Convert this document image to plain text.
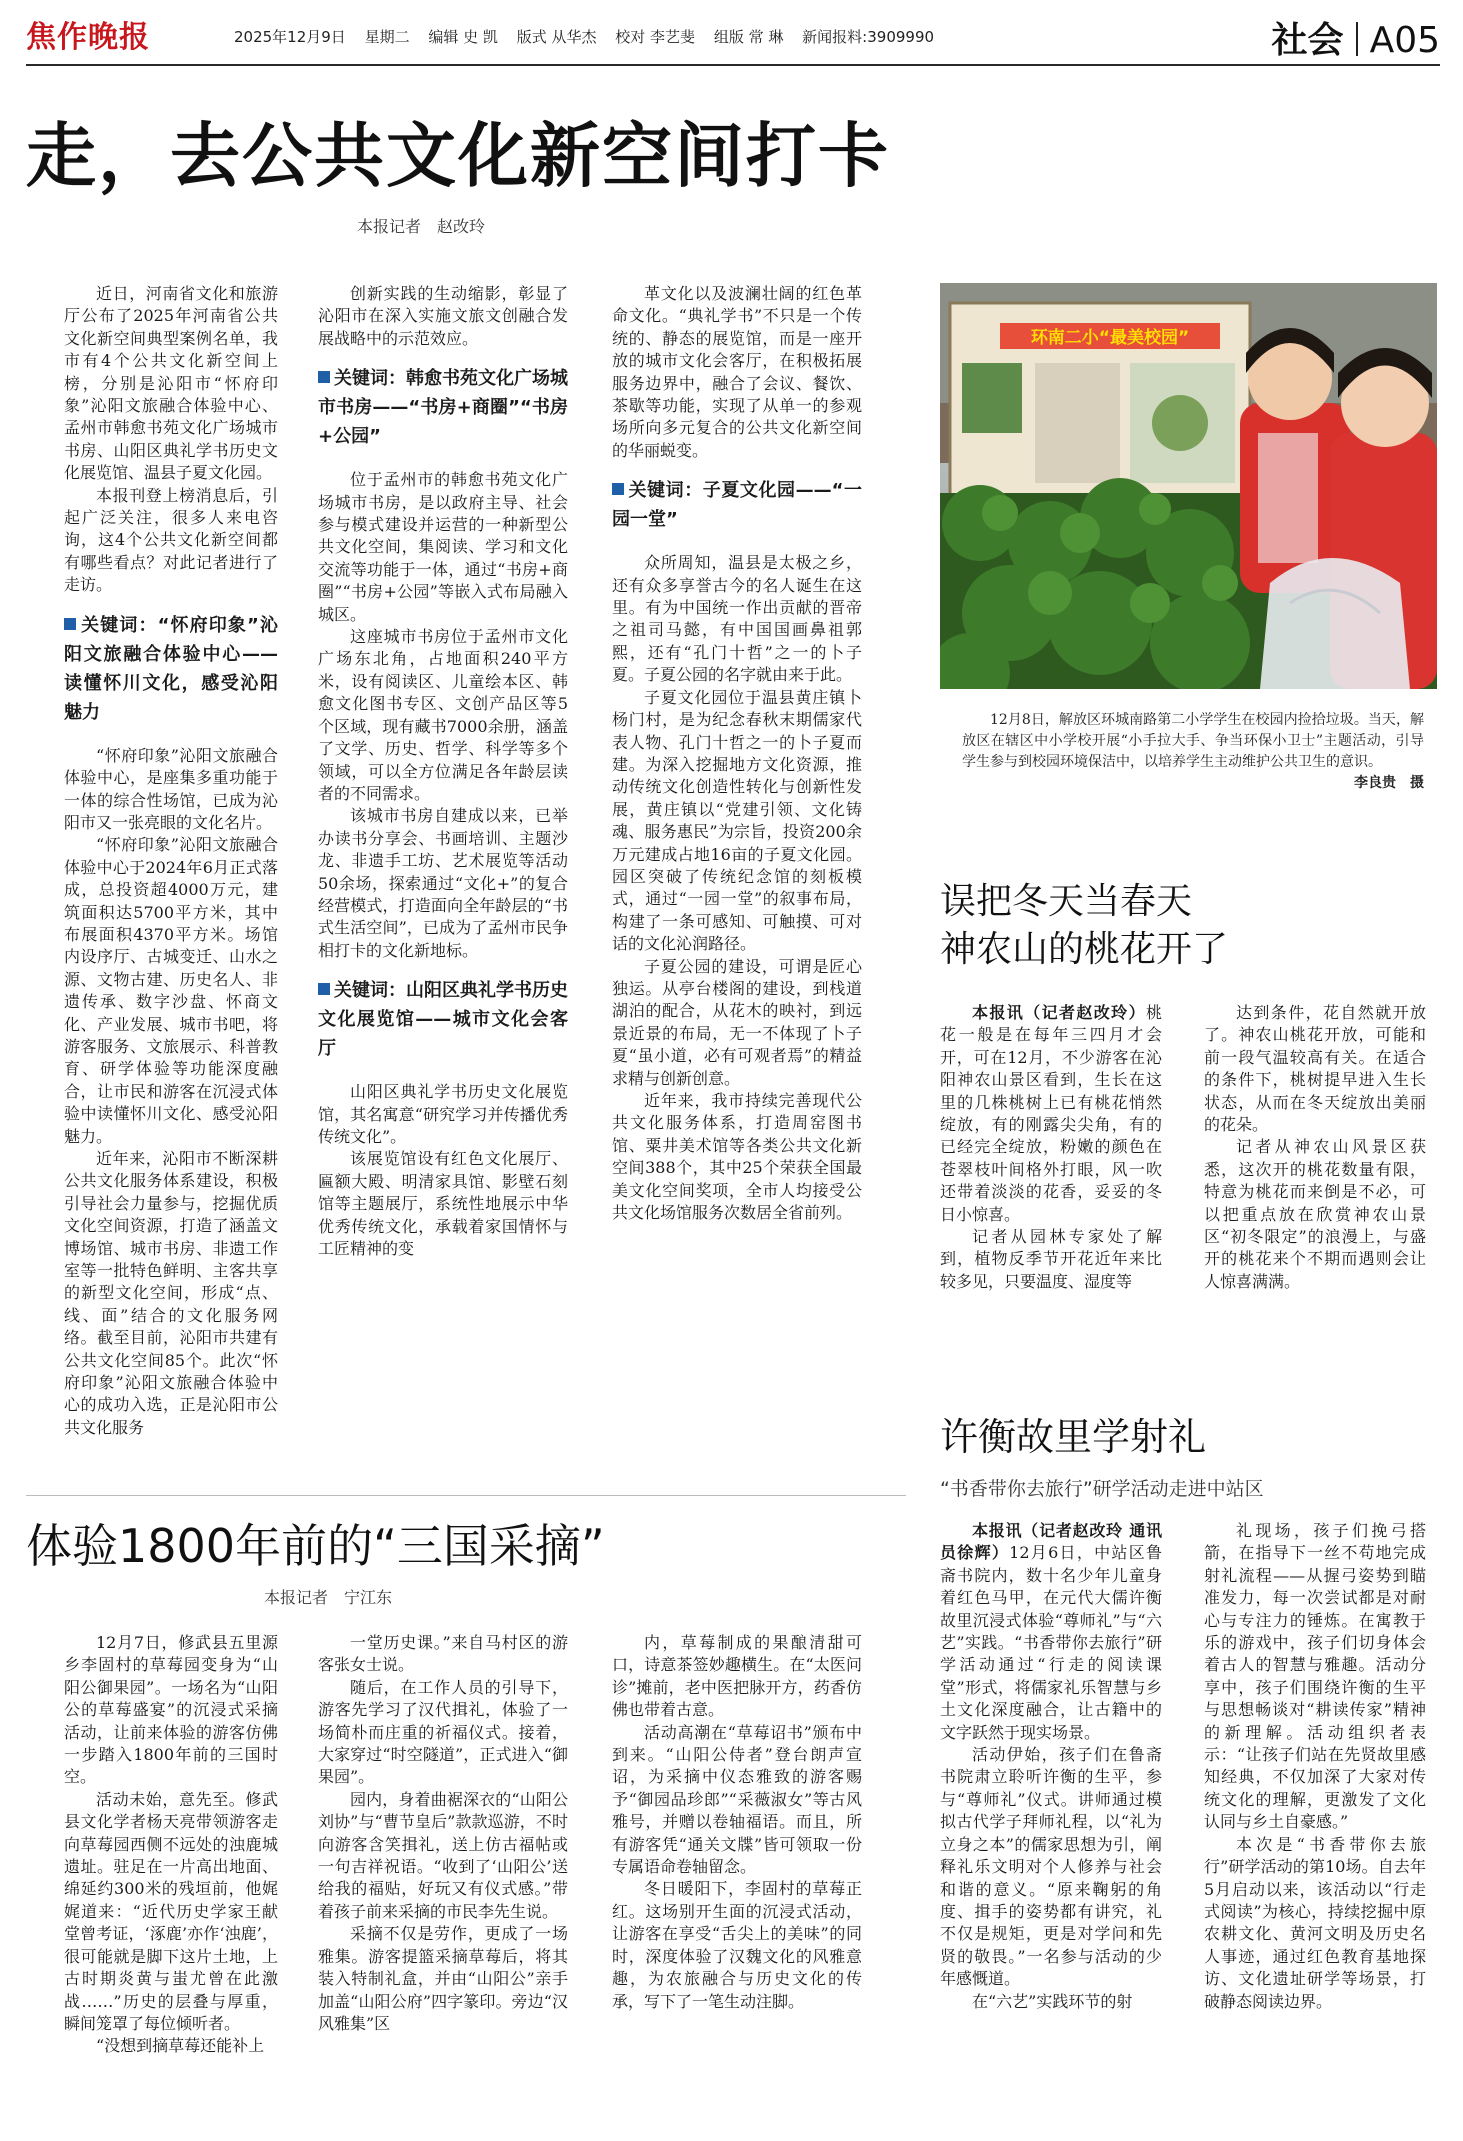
焦作晚报	2025年12月9日 星期二 编辑 史 凯 版式 从华杰 校对 李艺斐 组版 常 琳 新闻报料:3909990	社会 A05
走，去公共文化新空间打卡
本报记者　赵改玲

近日，河南省文化和旅游厅公布了2025年河南省公共文化新空间典型案例名单，我市有4个公共文化新空间上榜，分别是沁阳市“怀府印象”沁阳文旅融合体验中心、孟州市韩愈书苑文化广场城市书房、山阳区典礼学书历史文化展览馆、温县子夏文化园。

本报刊登上榜消息后，引起广泛关注，很多人来电咨询，这4个公共文化新空间都有哪些看点？对此记者进行了走访。

关键词：“怀府印象”沁阳文旅融合体验中心——读懂怀川文化，感受沁阳魅力

“怀府印象”沁阳文旅融合体验中心，是座集多重功能于一体的综合性场馆，已成为沁阳市又一张亮眼的文化名片。

“怀府印象”沁阳文旅融合体验中心于2024年6月正式落成，总投资超4000万元，建筑面积达5700平方米，其中布展面积4370平方米。场馆内设序厅、古城变迁、山水之源、文物古建、历史名人、非遗传承、数字沙盘、怀商文化、产业发展、城市书吧，将游客服务、文旅展示、科普教育、研学体验等功能深度融合，让市民和游客在沉浸式体验中读懂怀川文化、感受沁阳魅力。

近年来，沁阳市不断深耕公共文化服务体系建设，积极引导社会力量参与，挖掘优质文化空间资源，打造了涵盖文博场馆、城市书房、非遗工作室等一批特色鲜明、主客共享的新型文化空间，形成“点、线、面”结合的文化服务网络。截至目前，沁阳市共建有公共文化空间85个。此次“怀府印象”沁阳文旅融合体验中心的成功入选，正是沁阳市公共文化服务

创新实践的生动缩影，彰显了沁阳市在深入实施文旅文创融合发展战略中的示范效应。

关键词：韩愈书苑文化广场城市书房——“书房+商圈”“书房+公园”

位于孟州市的韩愈书苑文化广场城市书房，是以政府主导、社会参与模式建设并运营的一种新型公共文化空间，集阅读、学习和文化交流等功能于一体，通过“书房+商圈”“书房+公园”等嵌入式布局融入城区。

这座城市书房位于孟州市文化广场东北角，占地面积240平方米，设有阅读区、儿童绘本区、韩愈文化图书专区、文创产品区等5个区域，现有藏书7000余册，涵盖了文学、历史、哲学、科学等多个领域，可以全方位满足各年龄层读者的不同需求。

该城市书房自建成以来，已举办读书分享会、书画培训、主题沙龙、非遗手工坊、艺术展览等活动50余场，探索通过“文化+”的复合经营模式，打造面向全年龄层的“书式生活空间”，已成为了孟州市民争相打卡的文化新地标。

关键词：山阳区典礼学书历史文化展览馆——城市文化会客厅

山阳区典礼学书历史文化展览馆，其名寓意“研究学习并传播优秀传统文化”。

该展览馆设有红色文化展厅、匾额大殿、明清家具馆、影壁石刻馆等主题展厅，系统性地展示中华优秀传统文化，承载着家国情怀与工匠精神的变

革文化以及波澜壮阔的红色革命文化。“典礼学书”不只是一个传统的、静态的展览馆，而是一座开放的城市文化会客厅，在积极拓展服务边界中，融合了会议、餐饮、茶歇等功能，实现了从单一的参观场所向多元复合的公共文化新空间的华丽蜕变。

关键词：子夏文化园——“一园一堂”

众所周知，温县是太极之乡，还有众多享誉古今的名人诞生在这里。有为中国统一作出贡献的晋帝之祖司马懿，有中国国画鼻祖郭熙，还有“孔门十哲”之一的卜子夏。子夏公园的名字就由来于此。

子夏文化园位于温县黄庄镇卜杨门村，是为纪念春秋末期儒家代表人物、孔门十哲之一的卜子夏而建。为深入挖掘地方文化资源，推动传统文化创造性转化与创新性发展，黄庄镇以“党建引领、文化铸魂、服务惠民”为宗旨，投资200余万元建成占地16亩的子夏文化园。园区突破了传统纪念馆的刻板模式，通过“一园一堂”的叙事布局，构建了一条可感知、可触摸、可对话的文化沁润路径。

子夏公园的建设，可谓是匠心独运。从亭台楼阁的建设，到栈道湖泊的配合，从花木的映衬，到远景近景的布局，无一不体现了卜子夏“虽小道，必有可观者焉”的精益求精与创新创意。

近年来，我市持续完善现代公共文化服务体系，打造周窑图书馆、粟井美术馆等各类公共文化新空间388个，其中25个荣获全国最美文化空间奖项，全市人均接受公共文化场馆服务次数居全省前列。

环南二小“最美校园”

12月8日，解放区环城南路第二小学学生在校园内捡拾垃圾。当天，解放区在辖区中小学校开展“小手拉大手、争当环保小卫士”主题活动，引导学生参与到校园环境保洁中，以培养学生主动维护公共卫生的意识。

李良贵　摄

误把冬天当春天
神农山的桃花开了

本报讯（记者赵改玲）桃花一般是在每年三四月才会开，可在12月，不少游客在沁阳神农山景区看到，生长在这里的几株桃树上已有桃花悄然绽放，有的刚露尖尖角，有的已经完全绽放，粉嫩的颜色在苍翠枝叶间格外打眼，风一吹还带着淡淡的花香，妥妥的冬日小惊喜。

记者从园林专家处了解到，植物反季节开花近年来比较多见，只要温度、湿度等

达到条件，花自然就开放了。神农山桃花开放，可能和前一段气温较高有关。在适合的条件下，桃树提早进入生长状态，从而在冬天绽放出美丽的花朵。

记者从神农山风景区获悉，这次开的桃花数量有限，特意为桃花而来倒是不必，可以把重点放在欣赏神农山景区“初冬限定”的浪漫上，与盛开的桃花来个不期而遇则会让人惊喜满满。

体验1800年前的“三国采摘”
本报记者　宁江东

12月7日，修武县五里源乡李固村的草莓园变身为“山阳公御果园”。一场名为“山阳公的草莓盛宴”的沉浸式采摘活动，让前来体验的游客仿佛一步踏入1800年前的三国时空。

活动未始，意先至。修武县文化学者杨天亮带领游客走向草莓园西侧不远处的浊鹿城遗址。驻足在一片高出地面、绵延约300米的残垣前，他娓娓道来：“近代历史学家王献堂曾考证，‘涿鹿’亦作‘浊鹿’，很可能就是脚下这片土地，上古时期炎黄与蚩尤曾在此激战……”历史的层叠与厚重，瞬间笼罩了每位倾听者。

“没想到摘草莓还能补上

一堂历史课。”来自马村区的游客张女士说。

随后，在工作人员的引导下，游客先学习了汉代揖礼，体验了一场简朴而庄重的祈福仪式。接着，大家穿过“时空隧道”，正式进入“御果园”。

园内，身着曲裾深衣的“山阳公刘协”与“曹节皇后”款款巡游，不时向游客含笑揖礼，送上仿古福帖或一句吉祥祝语。“收到了‘山阳公’送给我的福贴，好玩又有仪式感。”带着孩子前来采摘的市民李先生说。

采摘不仅是劳作，更成了一场雅集。游客提篮采摘草莓后，将其装入特制礼盒，并由“山阳公”亲手加盖“山阳公府”四字篆印。旁边“汉风雅集”区

内，草莓制成的果酿清甜可口，诗意茶签妙趣横生。在“太医问诊”摊前，老中医把脉开方，药香仿佛也带着古意。

活动高潮在“草莓诏书”颁布中到来。“山阳公侍者”登台朗声宣诏，为采摘中仪态雅致的游客赐予“御园品珍郎”“采薇淑女”等古风雅号，并赠以卷轴福语。而且，所有游客凭“通关文牒”皆可领取一份专属语命卷轴留念。

冬日暖阳下，李固村的草莓正红。这场别开生面的沉浸式活动，让游客在享受“舌尖上的美味”的同时，深度体验了汉魏文化的风雅意趣，为农旅融合与历史文化的传承，写下了一笔生动注脚。

许衡故里学射礼
“书香带你去旅行”研学活动走进中站区

本报讯（记者赵改玲 通讯员徐辉）12月6日，中站区鲁斋书院内，数十名少年儿童身着红色马甲，在元代大儒许衡故里沉浸式体验“尊师礼”与“六艺”实践。“书香带你去旅行”研学活动通过“行走的阅读课堂”形式，将儒家礼乐智慧与乡土文化深度融合，让古籍中的文字跃然于现实场景。

活动伊始，孩子们在鲁斋书院肃立聆听许衡的生平，参与“尊师礼”仪式。讲师通过模拟古代学子拜师礼程，以“礼为立身之本”的儒家思想为引，阐释礼乐文明对个人修养与社会和谐的意义。“原来鞠躬的角度、揖手的姿势都有讲究，礼不仅是规矩，更是对学问和先贤的敬畏。”一名参与活动的少年感慨道。

在“六艺”实践环节的射

礼现场，孩子们挽弓搭箭，在指导下一丝不苟地完成射礼流程——从握弓姿势到瞄准发力，每一次尝试都是对耐心与专注力的锤炼。在寓教于乐的游戏中，孩子们切身体会着古人的智慧与雅趣。活动分享中，孩子们围绕许衡的生平与思想畅谈对“耕读传家”精神的新理解。活动组织者表示：“让孩子们站在先贤故里感知经典，不仅加深了大家对传统文化的理解，更激发了文化认同与乡土自豪感。”

本次是“书香带你去旅行”研学活动的第10场。自去年5月启动以来，该活动以“行走式阅读”为核心，持续挖掘中原农耕文化、黄河文明及历史名人事迹，通过红色教育基地探访、文化遗址研学等场景，打破静态阅读边界。
